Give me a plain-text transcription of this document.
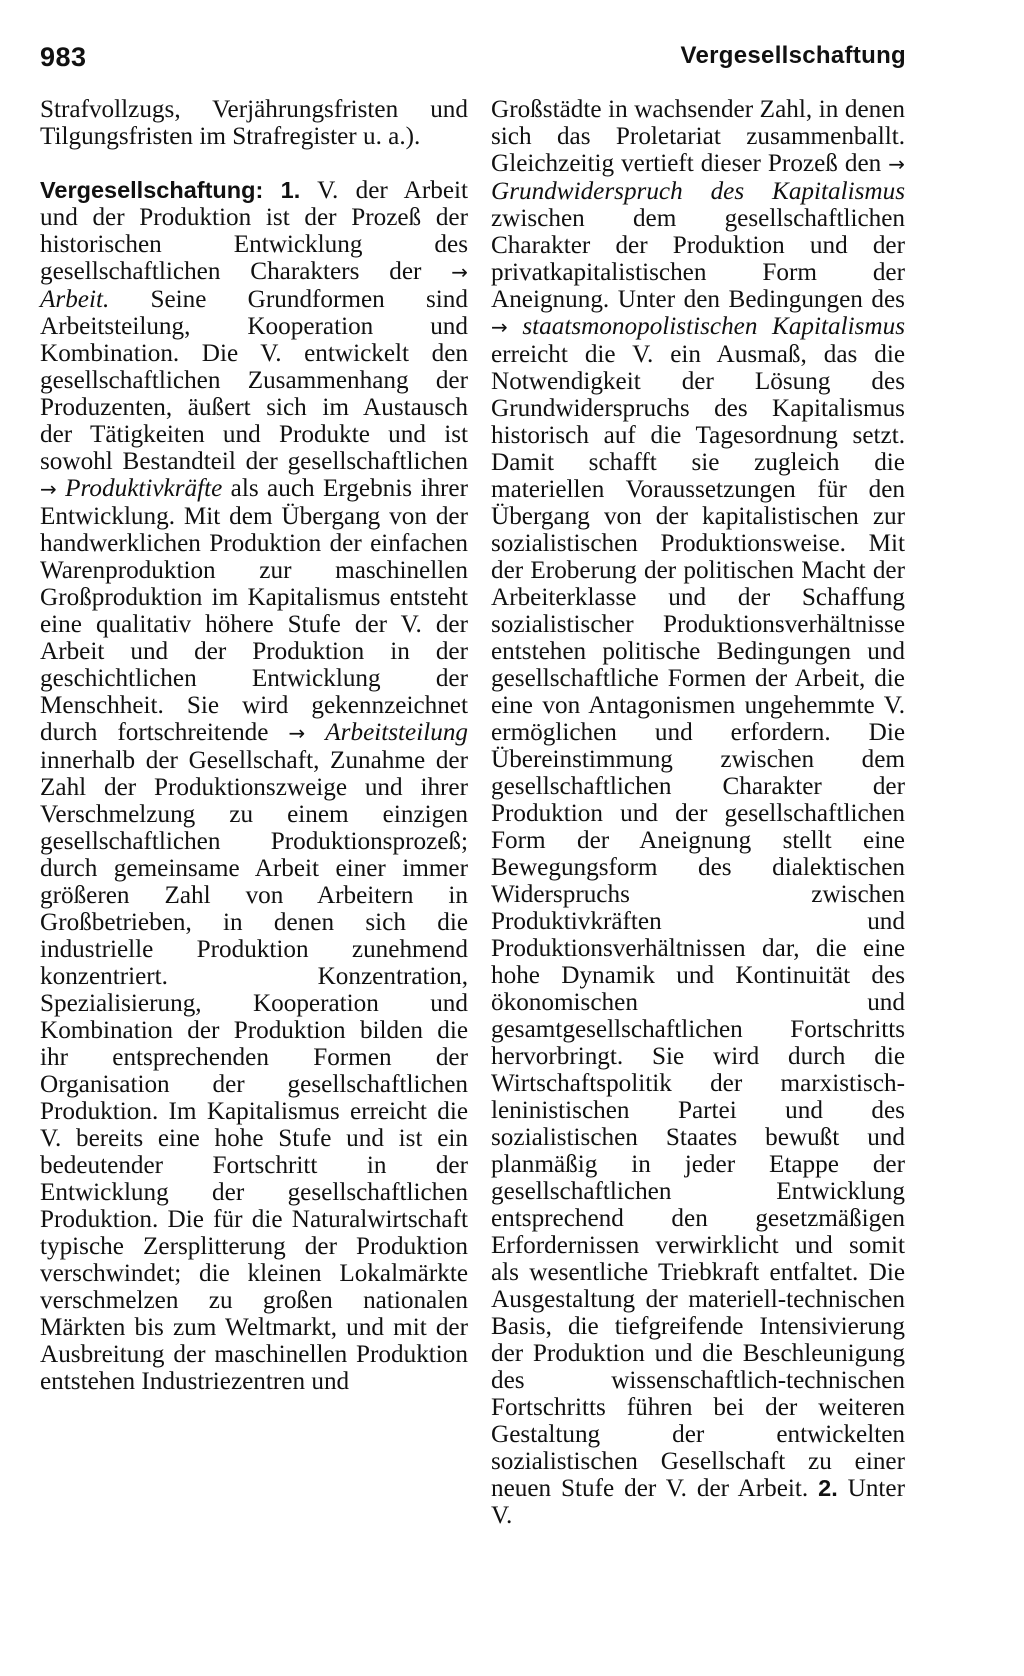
983	Vergesellschaftung

Strafvollzugs, Verjährungsfristen und Tilgungsfristen im Strafregister u. a.).

Vergesellschaftung: 1. V. der Arbeit und der Produktion ist der Prozeß der historischen Entwicklung des gesellschaftlichen Charakters der → Arbeit. Seine Grundformen sind Arbeitsteilung, Kooperation und Kombination. Die V. entwickelt den gesellschaftlichen Zusammenhang der Produzenten, äußert sich im Austausch der Tätigkeiten und Produkte und ist sowohl Bestandteil der gesellschaftlichen → Produktivkräfte als auch Ergebnis ihrer Entwicklung. Mit dem Übergang von der handwerklichen Produktion der einfachen Warenproduktion zur maschinellen Großproduktion im Kapitalismus entsteht eine qualitativ höhere Stufe der V. der Arbeit und der Produktion in der geschichtlichen Entwicklung der Menschheit. Sie wird gekennzeichnet durch fortschreitende → Arbeitsteilung innerhalb der Gesellschaft, Zunahme der Zahl der Produktionszweige und ihrer Verschmelzung zu einem einzigen gesellschaftlichen Produktionsprozeß; durch gemeinsame Arbeit einer immer größeren Zahl von Arbeitern in Großbetrieben, in denen sich die industrielle Produktion zunehmend konzentriert. Konzentration, Spezialisierung, Kooperation und Kombination der Produktion bilden die ihr entsprechenden Formen der Organisation der gesellschaftlichen Produktion. Im Kapitalismus erreicht die V. bereits eine hohe Stufe und ist ein bedeutender Fortschritt in der Entwicklung der gesellschaftlichen Produktion. Die für die Naturalwirtschaft typische Zersplitterung der Produktion verschwindet; die kleinen Lokalmärkte verschmelzen zu großen nationalen Märkten bis zum Weltmarkt, und mit der Ausbreitung der maschinellen Produktion entstehen Industriezentren und

Großstädte in wachsender Zahl, in denen sich das Proletariat zusammenballt. Gleichzeitig vertieft dieser Prozeß den → Grundwiderspruch des Kapitalismus zwischen dem gesellschaftlichen Charakter der Produktion und der privatkapitalistischen Form der Aneignung. Unter den Bedingungen des → staatsmonopolistischen Kapitalismus erreicht die V. ein Ausmaß, das die Notwendigkeit der Lösung des Grundwiderspruchs des Kapitalismus historisch auf die Tagesordnung setzt. Damit schafft sie zugleich die materiellen Voraussetzungen für den Übergang von der kapitalistischen zur sozialistischen Produktionsweise. Mit der Eroberung der politischen Macht der Arbeiterklasse und der Schaffung sozialistischer Produktionsverhältnisse entstehen politische Bedingungen und gesellschaftliche Formen der Arbeit, die eine von Antagonismen ungehemmte V. ermöglichen und erfordern. Die Übereinstimmung zwischen dem gesellschaftlichen Charakter der Produktion und der gesellschaftlichen Form der Aneignung stellt eine Bewegungsform des dialektischen Widerspruchs zwischen Produktivkräften und Produktionsverhältnissen dar, die eine hohe Dynamik und Kontinuität des ökonomischen und gesamtgesellschaftlichen Fortschritts hervorbringt. Sie wird durch die Wirtschaftspolitik der marxistisch-leninistischen Partei und des sozialistischen Staates bewußt und planmäßig in jeder Etappe der gesellschaftlichen Entwicklung entsprechend den gesetzmäßigen Erfordernissen verwirklicht und somit als wesentliche Triebkraft entfaltet. Die Ausgestaltung der materiell-technischen Basis, die tiefgreifende Intensivierung der Produktion und die Beschleunigung des wissenschaftlich-technischen Fortschritts führen bei der weiteren Gestaltung der entwickelten sozialistischen Gesellschaft zu einer neuen Stufe der V. der Arbeit. 2. Unter V.
